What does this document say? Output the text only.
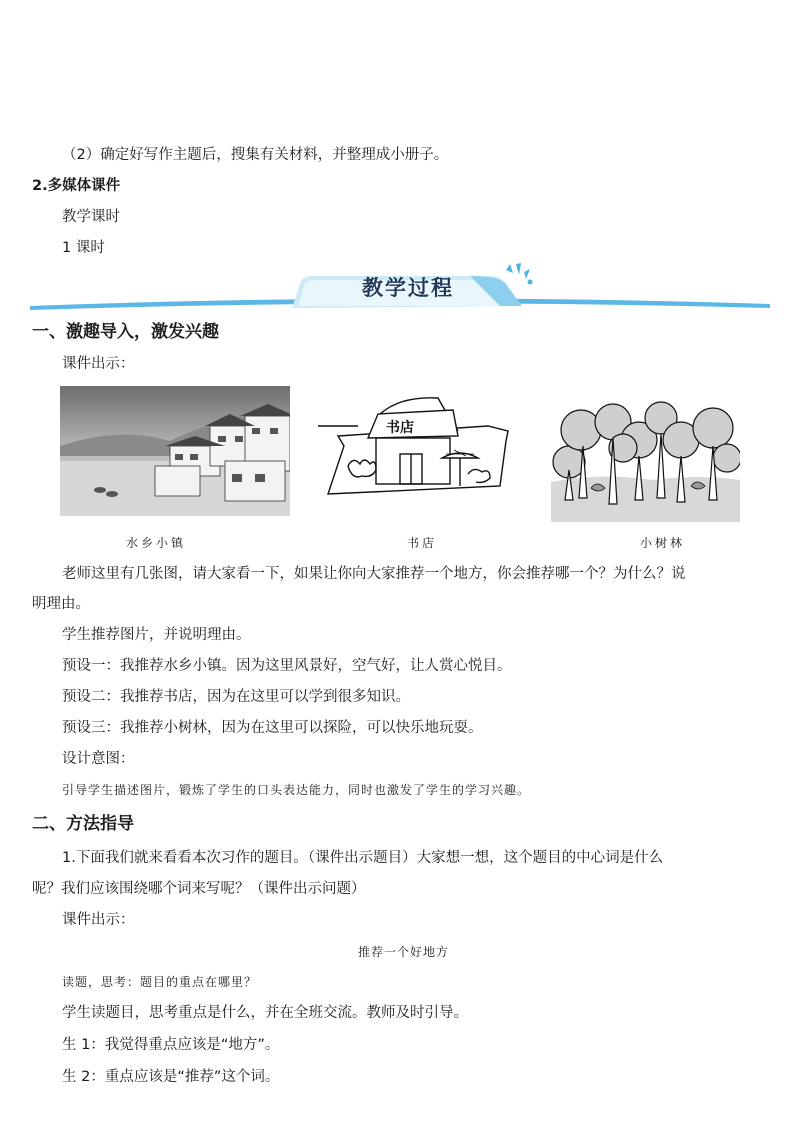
（2）确定好写作主题后，搜集有关材料，并整理成小册子。
2.多媒体课件
教学课时
1 课时
教学过程
一、激趣导入，激发兴趣
课件出示：
水乡小镇
书店
书店	小树林
老师这里有几张图，请大家看一下，如果让你向大家推荐一个地方，你会推荐哪一个？为什么？说
明理由。
学生推荐图片，并说明理由。
预设一：我推荐水乡小镇。因为这里风景好，空气好，让人赏心悦目。
预设二：我推荐书店，因为在这里可以学到很多知识。
预设三：我推荐小树林，因为在这里可以探险，可以快乐地玩耍。
设计意图：
引导学生描述图片，锻炼了学生的口头表达能力，同时也激发了学生的学习兴趣。
二、方法指导
1.下面我们就来看看本次习作的题目。（课件出示题目）大家想一想，这个题目的中心词是什么
呢？我们应该围绕哪个词来写呢？（课件出示问题）
课件出示：
推荐一个好地方
读题，思考：题目的重点在哪里？
学生读题目，思考重点是什么，并在全班交流。教师及时引导。
生 1：我觉得重点应该是“地方”。
生 2：重点应该是“推荐”这个词。
